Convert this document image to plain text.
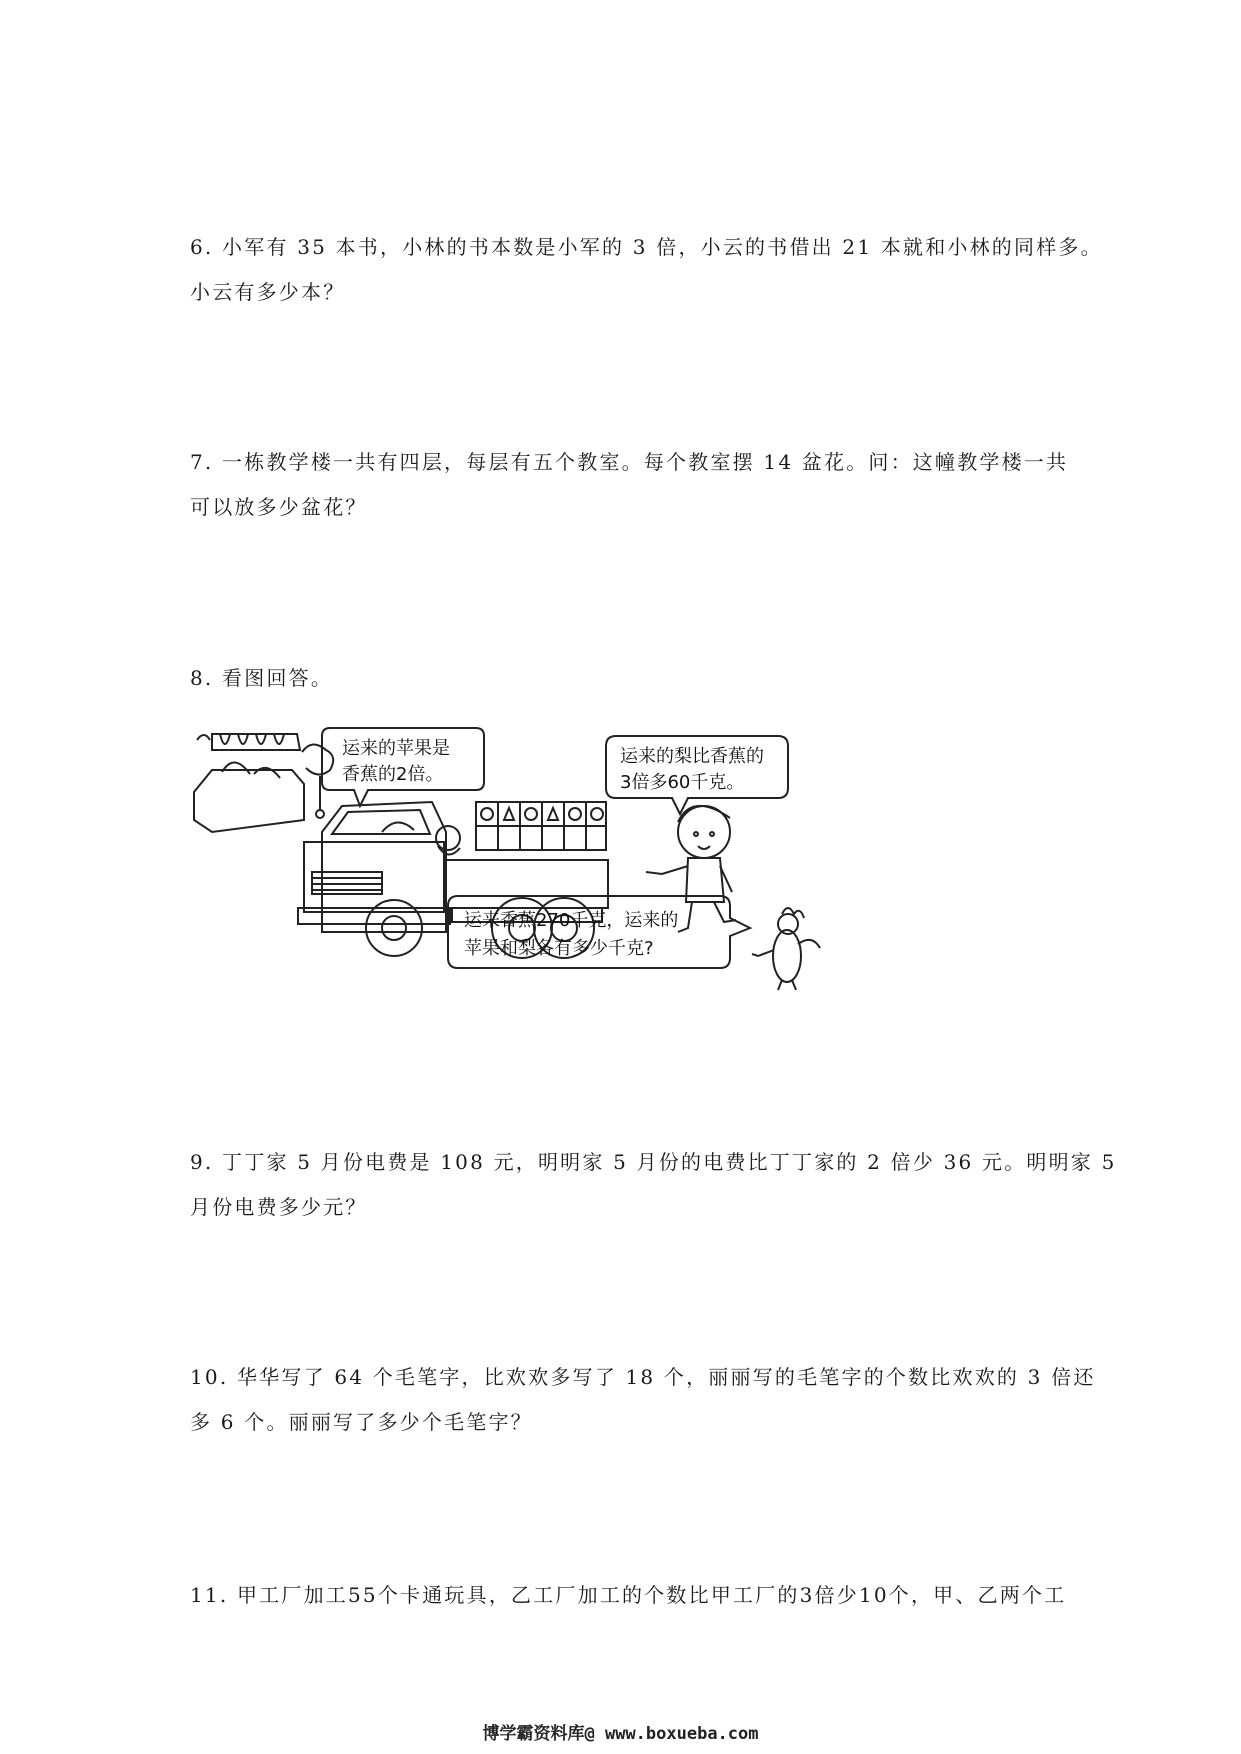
6. 小军有 35 本书，小林的书本数是小军的 3 倍，小云的书借出 21 本就和小林的同样多。
小云有多少本？
7. 一栋教学楼一共有四层，每层有五个教室。每个教室摆 14 盆花。问：这幢教学楼一共
可以放多少盆花？
8. 看图回答。
运来的苹果是
香蕉的2倍。
运来的梨比香蕉的
3倍多60千克。
运来香蕉270千克，运来的
苹果和梨各有多少千克?
9. 丁丁家 5 月份电费是 108 元，明明家 5 月份的电费比丁丁家的 2 倍少 36 元。明明家 5
月份电费多少元？
10. 华华写了 64 个毛笔字，比欢欢多写了 18 个，丽丽写的毛笔字的个数比欢欢的 3 倍还
多 6 个。丽丽写了多少个毛笔字？
11. 甲工厂加工55个卡通玩具，乙工厂加工的个数比甲工厂的3倍少10个，甲、乙两个工
博学霸资料库@ www.boxueba.com
